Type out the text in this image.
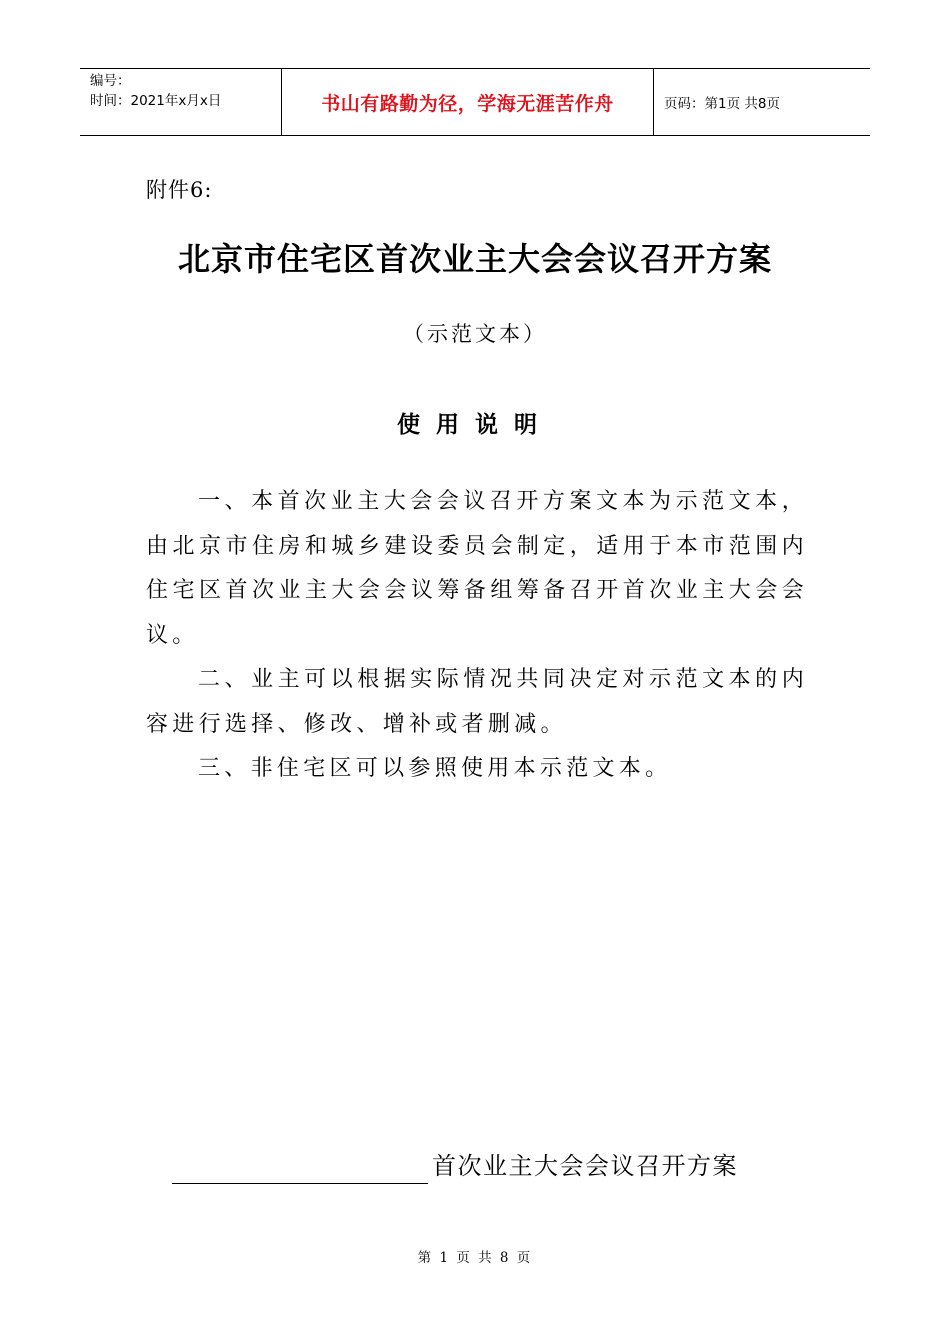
编号：
时间：2021年x月x日	书山有路勤为径，学海无涯苦作舟	页码：第1页 共8页
附件6:
北京市住宅区首次业主大会会议召开方案
（示范文本）
使用说明

一、本首次业主大会会议召开方案文本为示范文本，由北京市住房和城乡建设委员会制定，适用于本市范围内住宅区首次业主大会会议筹备组筹备召开首次业主大会会议。

二、业主可以根据实际情况共同决定对示范文本的内容进行选择、修改、增补或者删减。

三、非住宅区可以参照使用本示范文本。

首次业主大会会议召开方案
第 1 页 共 8 页
